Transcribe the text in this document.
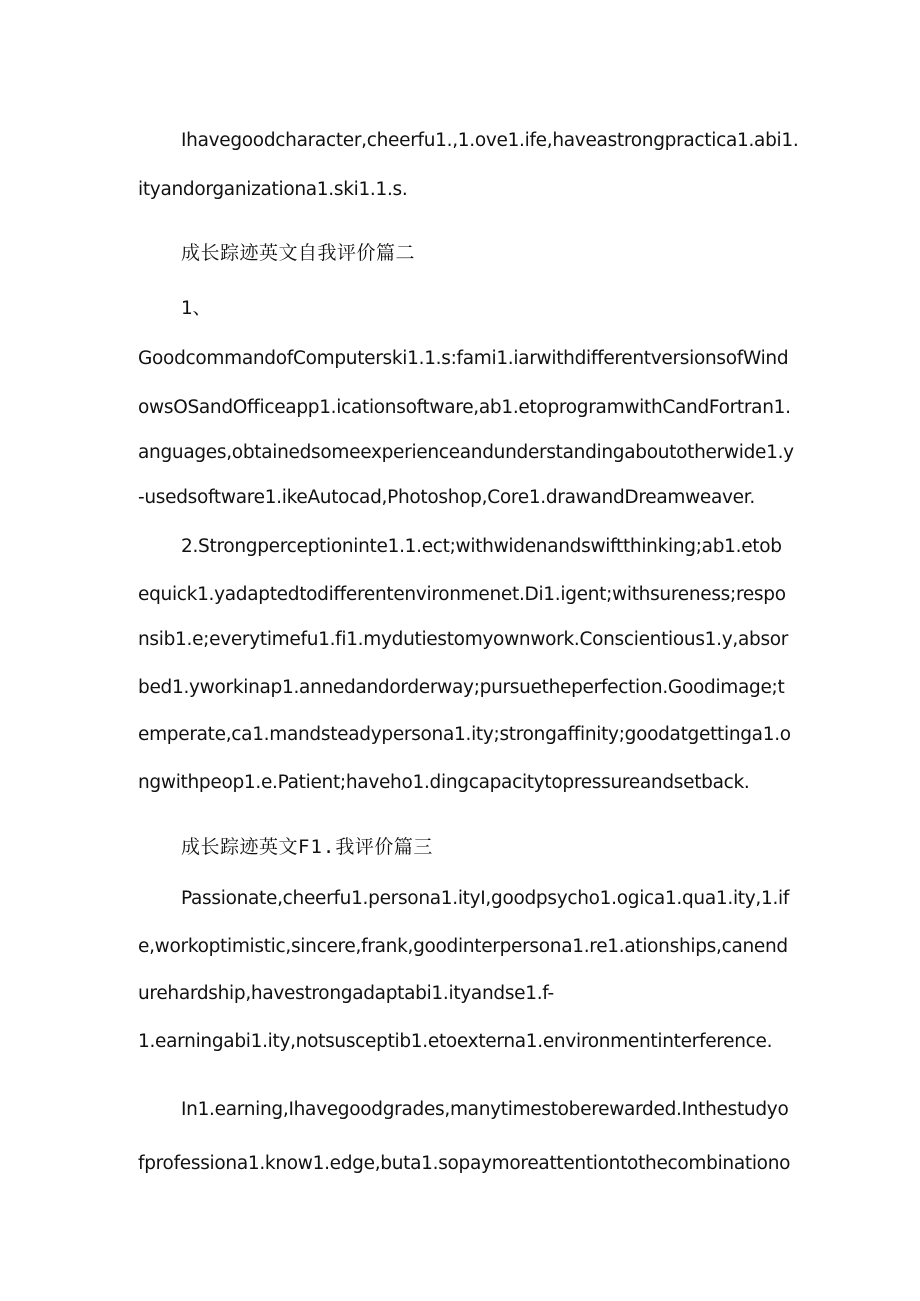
Ihavegoodcharacter,cheerfu1.,1.ove1.ife,haveastrongpractica1.abi1.
ityandorganizationa1.ski1.1.s.
成长踪迹英文自我评价篇二
1、
GoodcommandofComputerski1.1.s:fami1.iarwithdifferentversionsofWind
owsOSandOfficeapp1.icationsoftware,ab1.etoprogramwithCandFortran1.
anguages,obtainedsomeexperienceandunderstandingaboutotherwide1.y
-usedsoftware1.ikeAutocad,Photoshop,Core1.drawandDreamweaver.
2.Strongperceptioninte1.1.ect;withwidenandswiftthinking;ab1.etob
equick1.yadaptedtodifferentenvironmenet.Di1.igent;withsureness;respo
nsib1.e;everytimefu1.fi1.mydutiestomyownwork.Conscientious1.y,absor
bed1.yworkinap1.annedandorderway;pursuetheperfection.Goodimage;t
emperate,ca1.mandsteadypersona1.ity;strongaffinity;goodatgettinga1.o
ngwithpeop1.e.Patient;haveho1.dingcapacitytopressureandsetback.
成长踪迹英文F1.我评价篇三
Passionate,cheerfu1.persona1.ityI,goodpsycho1.ogica1.qua1.ity,1.if
e,workoptimistic,sincere,frank,goodinterpersona1.re1.ationships,canend
urehardship,havestrongadaptabi1.ityandse1.f-
1.earningabi1.ity,notsusceptib1.etoexterna1.environmentinterference.
In1.earning,Ihavegoodgrades,manytimestoberewarded.Inthestudyo
fprofessiona1.know1.edge,buta1.sopaymoreattentiontothecombinationo
